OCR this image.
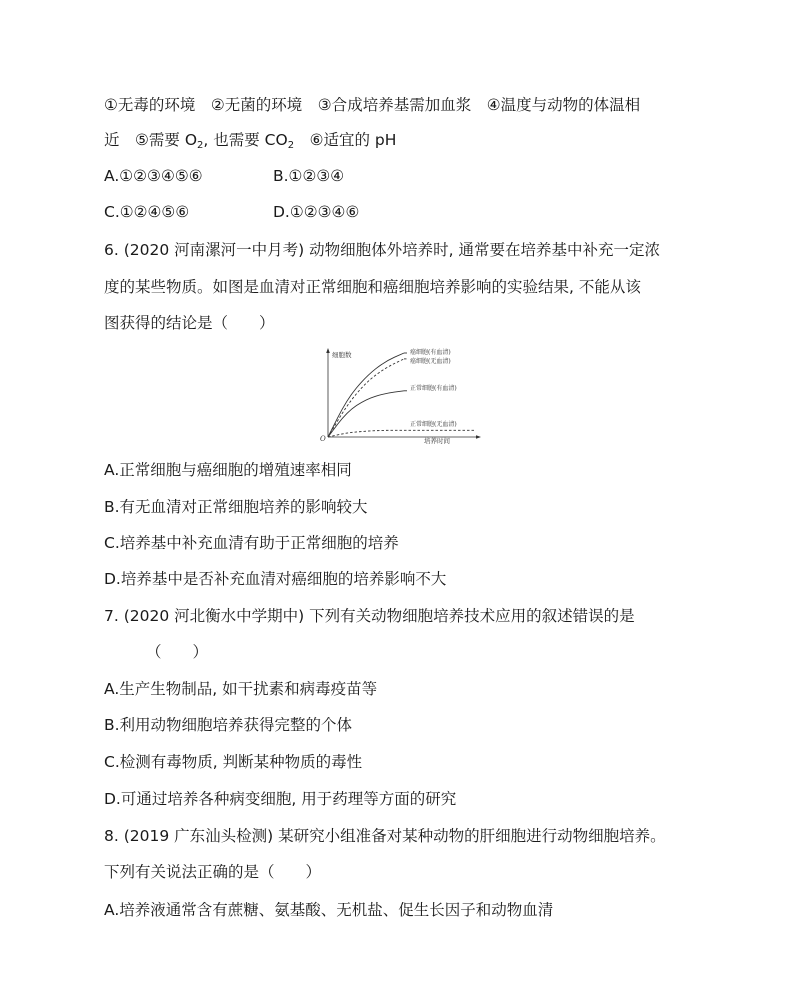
①无毒的环境　②无菌的环境　③合成培养基需加血浆　④温度与动物的体温相
近　⑤需要 $O_2$, 也需要 $CO_2$　⑥适宜的 pH
A.①②③④⑤⑥	B.①②③④
C.①②④⑤⑥	D.①②③④⑥
6. (2020 河南漯河一中月考) 动物细胞体外培养时, 通常要在培养基中补充一定浓
度的某些物质。如图是血清对正常细胞和癌细胞培养影响的实验结果, 不能从该
图获得的结论是（　　）
细胞数
培养时间
O
癌细胞(有血清)
癌细胞(无血清)
正常细胞(有血清)
正常细胞(无血清)
A.正常细胞与癌细胞的增殖速率相同
B.有无血清对正常细胞培养的影响较大
C.培养基中补充血清有助于正常细胞的培养
D.培养基中是否补充血清对癌细胞的培养影响不大
7. (2020 河北衡水中学期中) 下列有关动物细胞培养技术应用的叙述错误的是
（　　）
A.生产生物制品, 如干扰素和病毒疫苗等
B.利用动物细胞培养获得完整的个体
C.检测有毒物质, 判断某种物质的毒性
D.可通过培养各种病变细胞, 用于药理等方面的研究
8. (2019 广东汕头检测) 某研究小组准备对某种动物的肝细胞进行动物细胞培养。
下列有关说法正确的是（　　）
A.培养液通常含有蔗糖、氨基酸、无机盐、促生长因子和动物血清
